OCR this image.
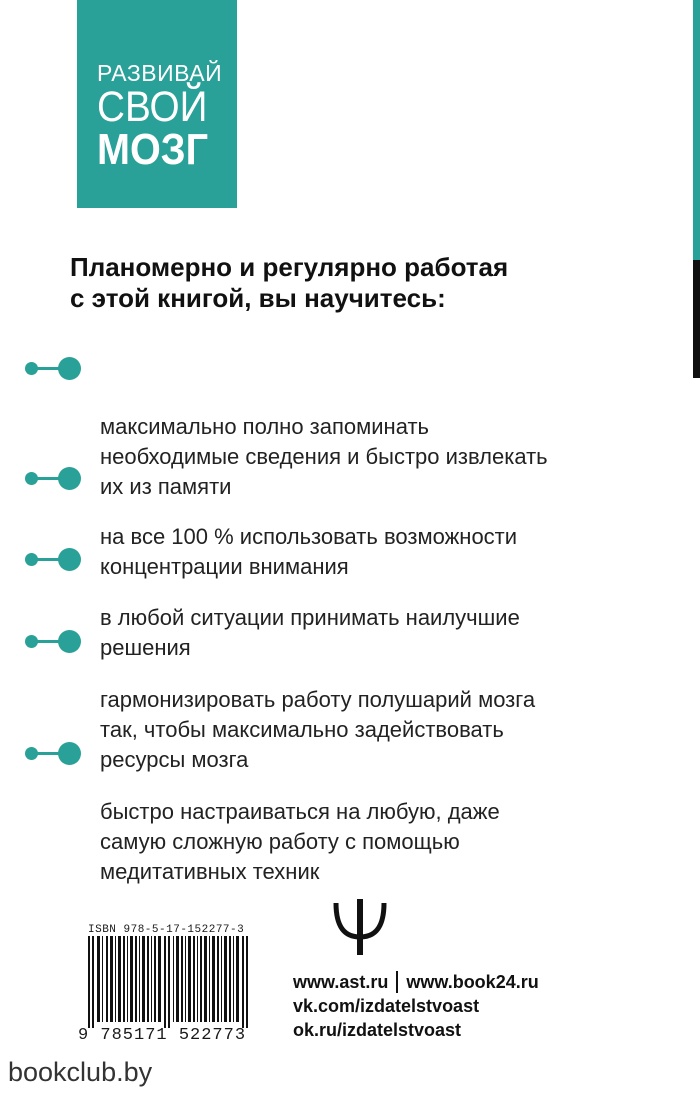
РАЗВИВАЙ
СВОЙ
МОЗГ
Планомерно и регулярно работая
с этой книгой, вы научитесь:

максимально полно запоминать
необходимые сведения и быстро извлекать
их из памяти

на все 100 % использовать возможности
концентрации внимания

в любой ситуации принимать наилучшие
решения

гармонизировать работу полушарий мозга
так, чтобы максимально задействовать
ресурсы мозга

быстро настраиваться на любую, даже
самую сложную работу с помощью
медитативных техник

ISBN 978-5-17-152277-3
9 785171 522773
www.ast.ru www.book24.ru
vk.com/izdatelstvoast
ok.ru/izdatelstvoast
bookclub.by
